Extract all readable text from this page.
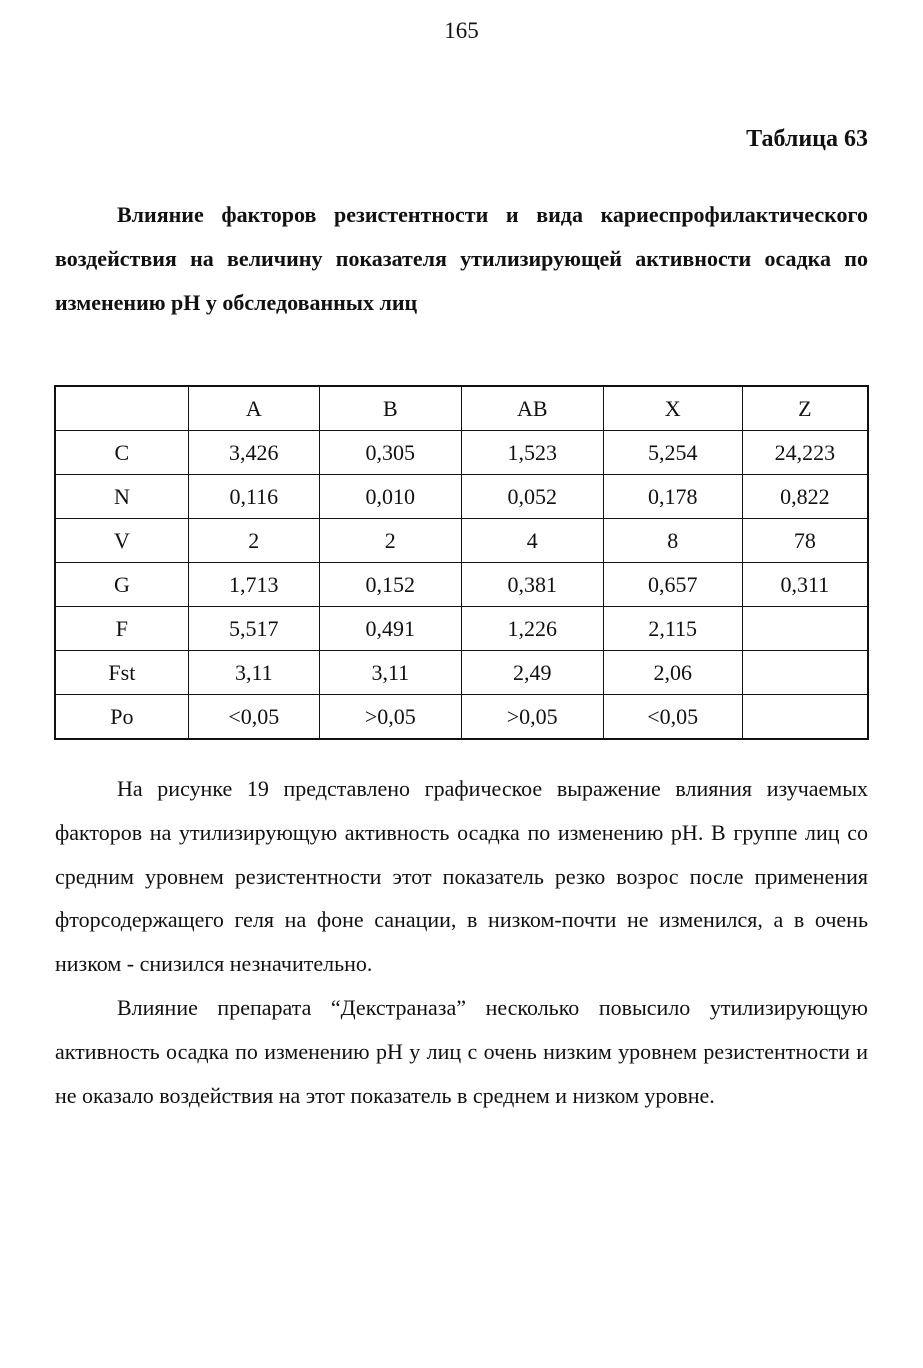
165
Таблица 63
Влияние факторов резистентности и вида кариеспрофилактического воздействия на величину показателя утилизирующей активности осадка по изменению pH у обследованных лиц
	A	B	AB	X	Z
C	3,426	0,305	1,523	5,254	24,223
N	0,116	0,010	0,052	0,178	0,822
V	2	2	4	8	78
G	1,713	0,152	0,381	0,657	0,311
F	5,517	0,491	1,226	2,115	
Fst	3,11	3,11	2,49	2,06	
Po	<0,05	>0,05	>0,05	<0,05	

На рисунке 19 представлено графическое выражение влияния изучаемых факторов на утилизирующую активность осадка по изменению pH. В группе лиц со средним уровнем резистентности этот показатель резко возрос после применения фторсодержащего геля на фоне санации, в низком-почти не изменился, а в очень низком - снизился незначительно.

Влияние препарата “Декстраназа” несколько повысило утилизирующую активность осадка по изменению pH у лиц с очень низким уровнем резистентности и не оказало воздействия на этот показатель в среднем и низком уровне.
